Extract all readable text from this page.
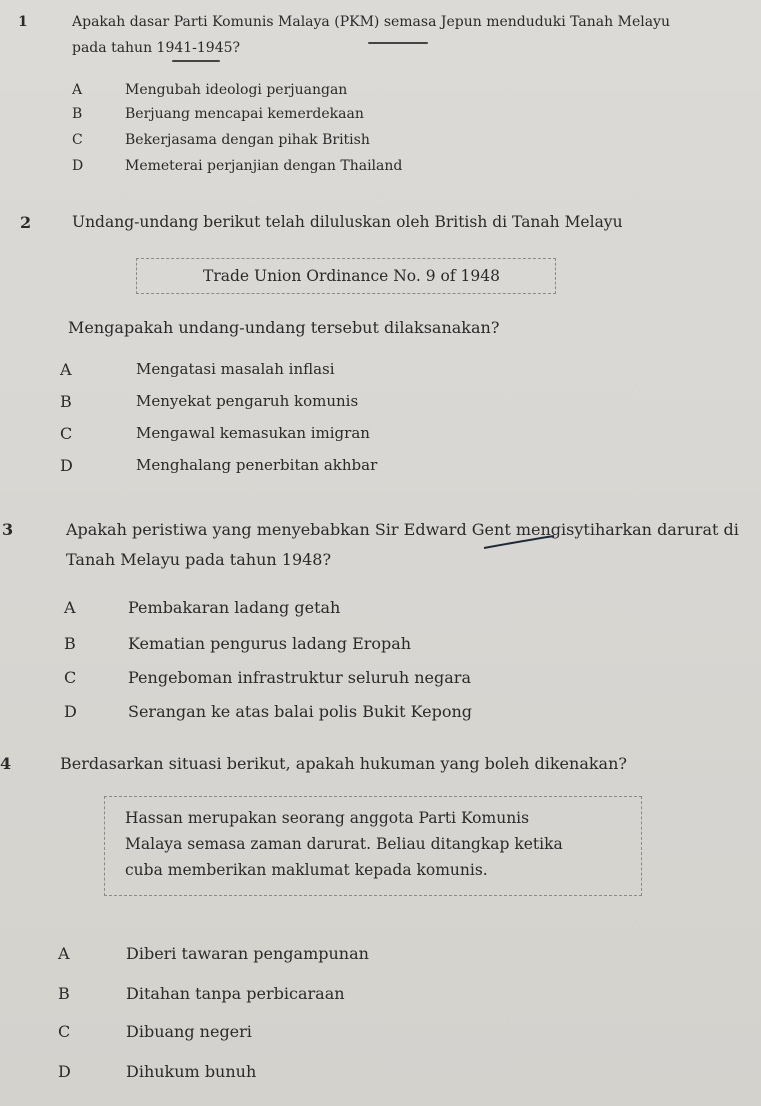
1	Apakah dasar Parti Komunis Malaya (PKM) semasa Jepun menduduki Tanah Melayu
pada tahun 1941-1945?
A	Mengubah ideologi perjuangan
B	Berjuang mencapai kemerdekaan
C	Bekerjasama dengan pihak British
D	Memeterai perjanjian dengan Thailand
2	Undang-undang berikut telah diluluskan oleh British di Tanah Melayu
Trade Union Ordinance No. 9 of 1948
Mengapakah undang-undang tersebut dilaksanakan?
A	Mengatasi masalah inflasi
B	Menyekat pengaruh komunis
C	Mengawal kemasukan imigran
D	Menghalang penerbitan akhbar
3	Apakah peristiwa yang menyebabkan Sir Edward Gent mengisytiharkan darurat di
Tanah Melayu pada tahun 1948?
A	Pembakaran ladang getah
B	Kematian pengurus ladang Eropah
C	Pengeboman infrastruktur seluruh negara
D	Serangan ke atas balai polis Bukit Kepong
4	Berdasarkan situasi berikut, apakah hukuman yang boleh dikenakan?
Hassan merupakan seorang anggota Parti Komunis
Malaya semasa zaman darurat. Beliau ditangkap ketika
cuba memberikan maklumat kepada komunis.
A	Diberi tawaran pengampunan
B	Ditahan tanpa perbicaraan
C	Dibuang negeri
D	Dihukum bunuh
